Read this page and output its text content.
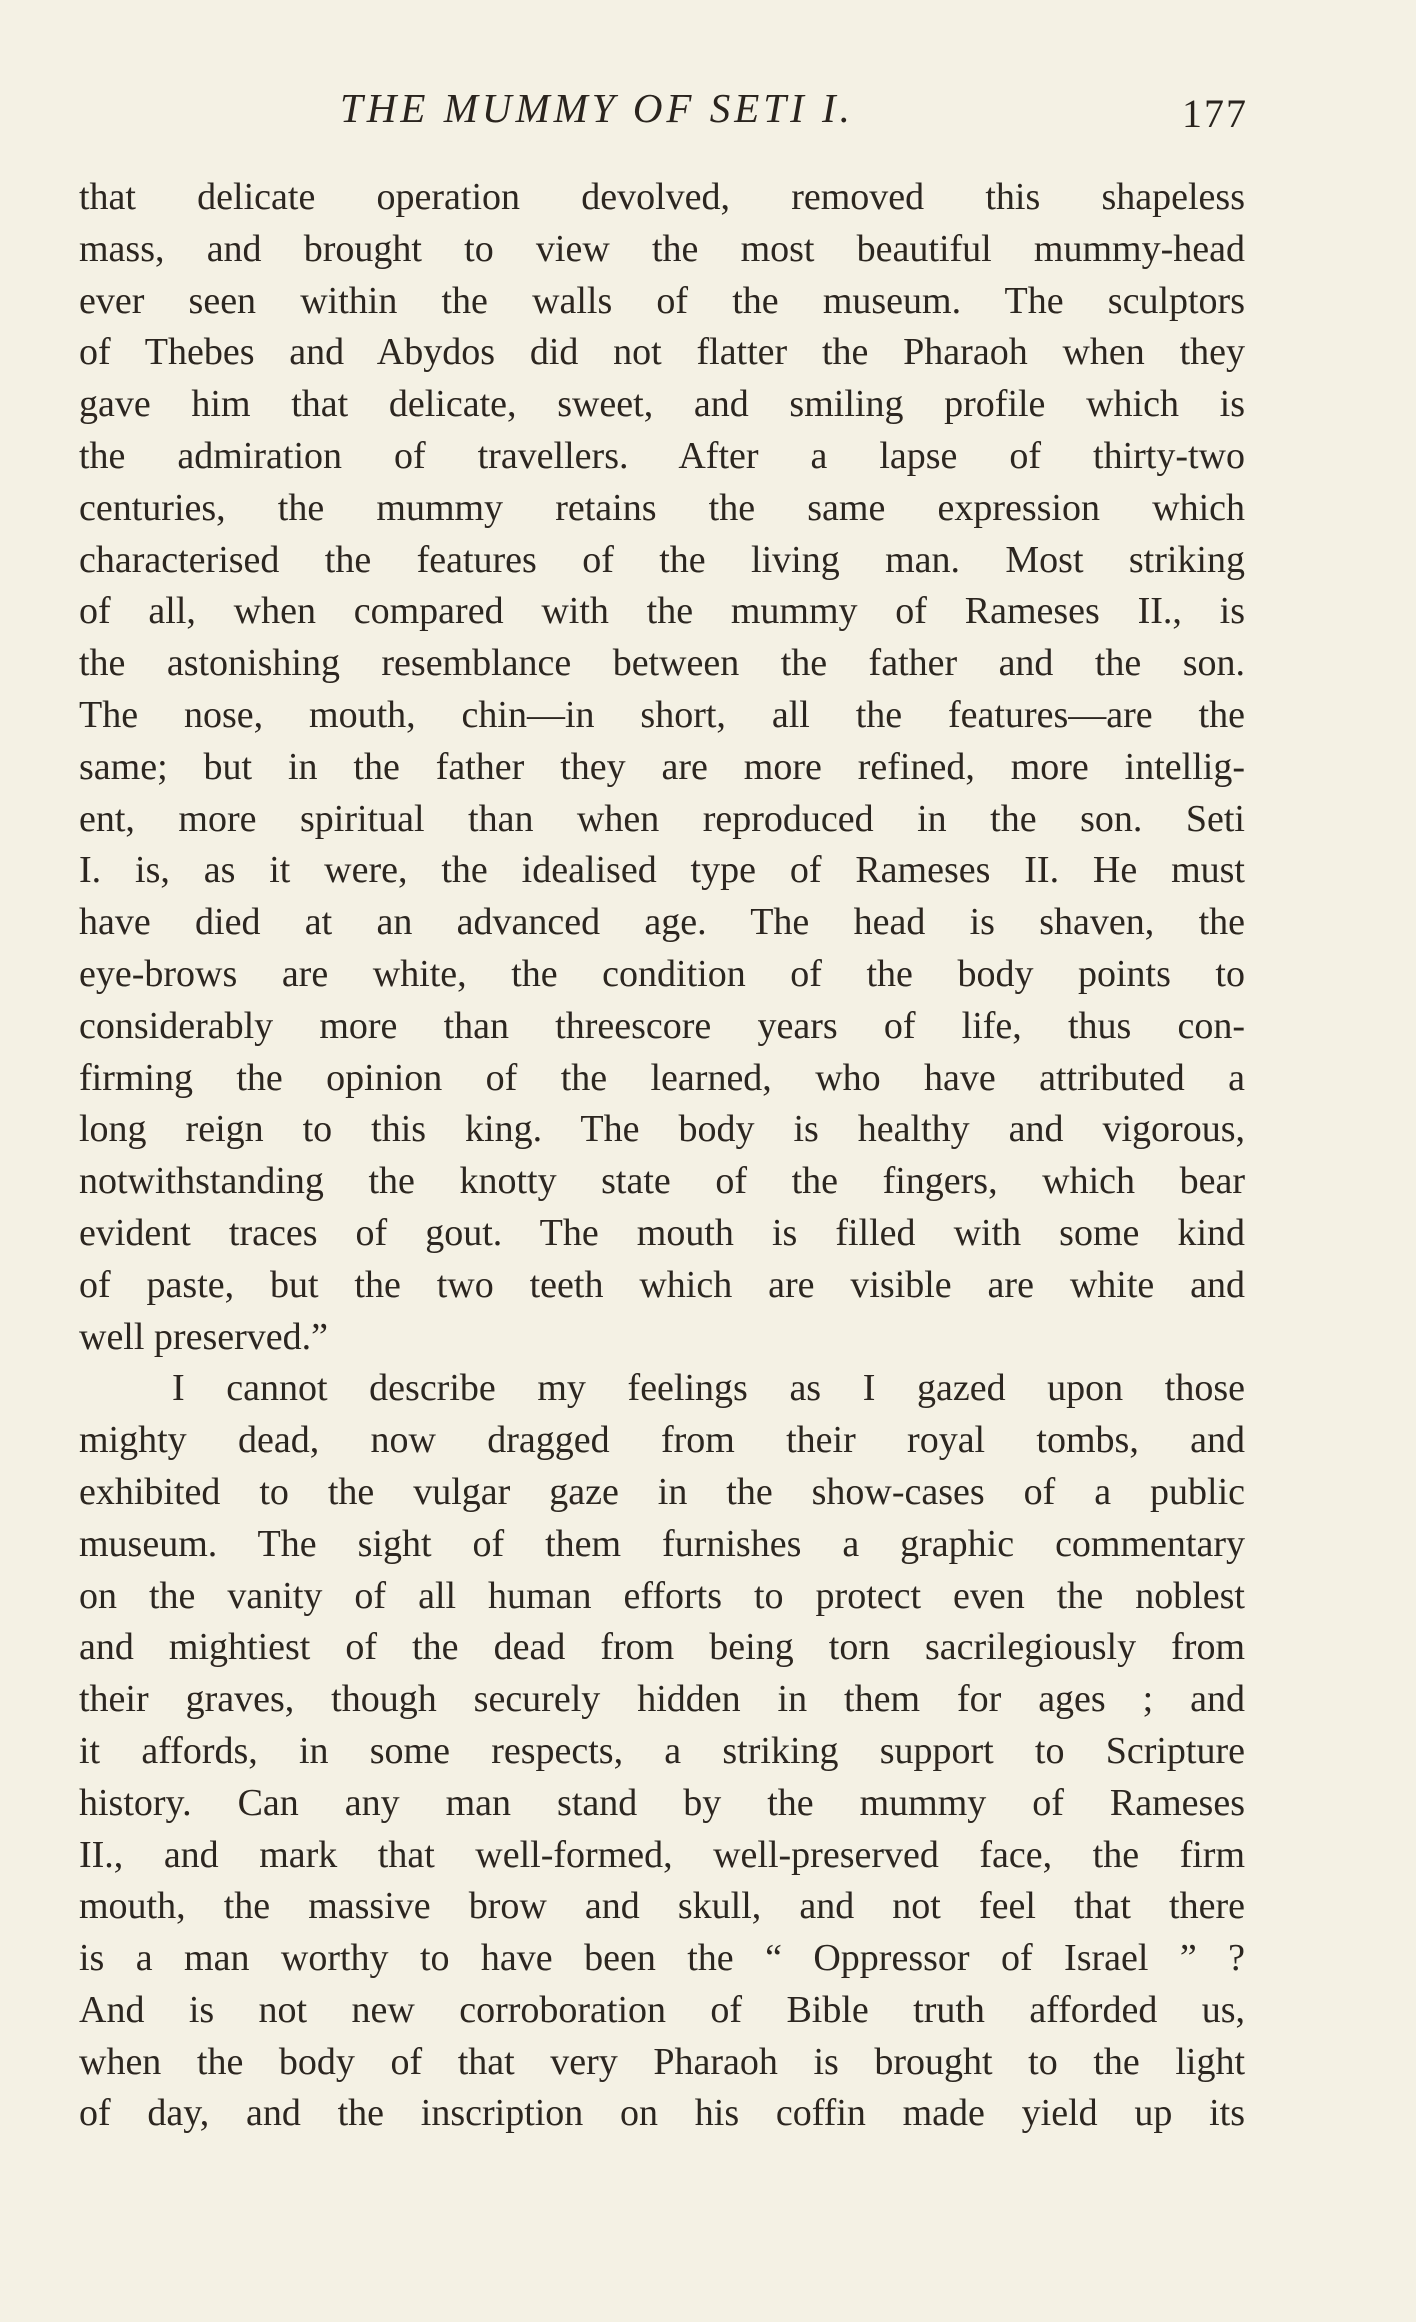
THE MUMMY OF SETI I.	177
that delicate operation devolved, removed this shapeless
mass, and brought to view the most beautiful mummy-head
ever seen within the walls of the museum. The sculptors
of Thebes and Abydos did not flatter the Pharaoh when they
gave him that delicate, sweet, and smiling profile which is
the admiration of travellers. After a lapse of thirty-two
centuries, the mummy retains the same expression which
characterised the features of the living man. Most striking
of all, when compared with the mummy of Rameses II., is
the astonishing resemblance between the father and the son.
The nose, mouth, chin—in short, all the features—are the
same; but in the father they are more refined, more intellig-
ent, more spiritual than when reproduced in the son. Seti
I. is, as it were, the idealised type of Rameses II. He must
have died at an advanced age. The head is shaven, the
eye-brows are white, the condition of the body points to
considerably more than threescore years of life, thus con-
firming the opinion of the learned, who have attributed a
long reign to this king. The body is healthy and vigorous,
notwithstanding the knotty state of the fingers, which bear
evident traces of gout. The mouth is filled with some kind
of paste, but the two teeth which are visible are white and
well preserved.”
I cannot describe my feelings as I gazed upon those
mighty dead, now dragged from their royal tombs, and
exhibited to the vulgar gaze in the show-cases of a public
museum. The sight of them furnishes a graphic commentary
on the vanity of all human efforts to protect even the noblest
and mightiest of the dead from being torn sacrilegiously from
their graves, though securely hidden in them for ages ; and
it affords, in some respects, a striking support to Scripture
history. Can any man stand by the mummy of Rameses
II., and mark that well-formed, well-preserved face, the firm
mouth, the massive brow and skull, and not feel that there
is a man worthy to have been the “ Oppressor of Israel ” ?
And is not new corroboration of Bible truth afforded us,
when the body of that very Pharaoh is brought to the light
of day, and the inscription on his coffin made yield up its
